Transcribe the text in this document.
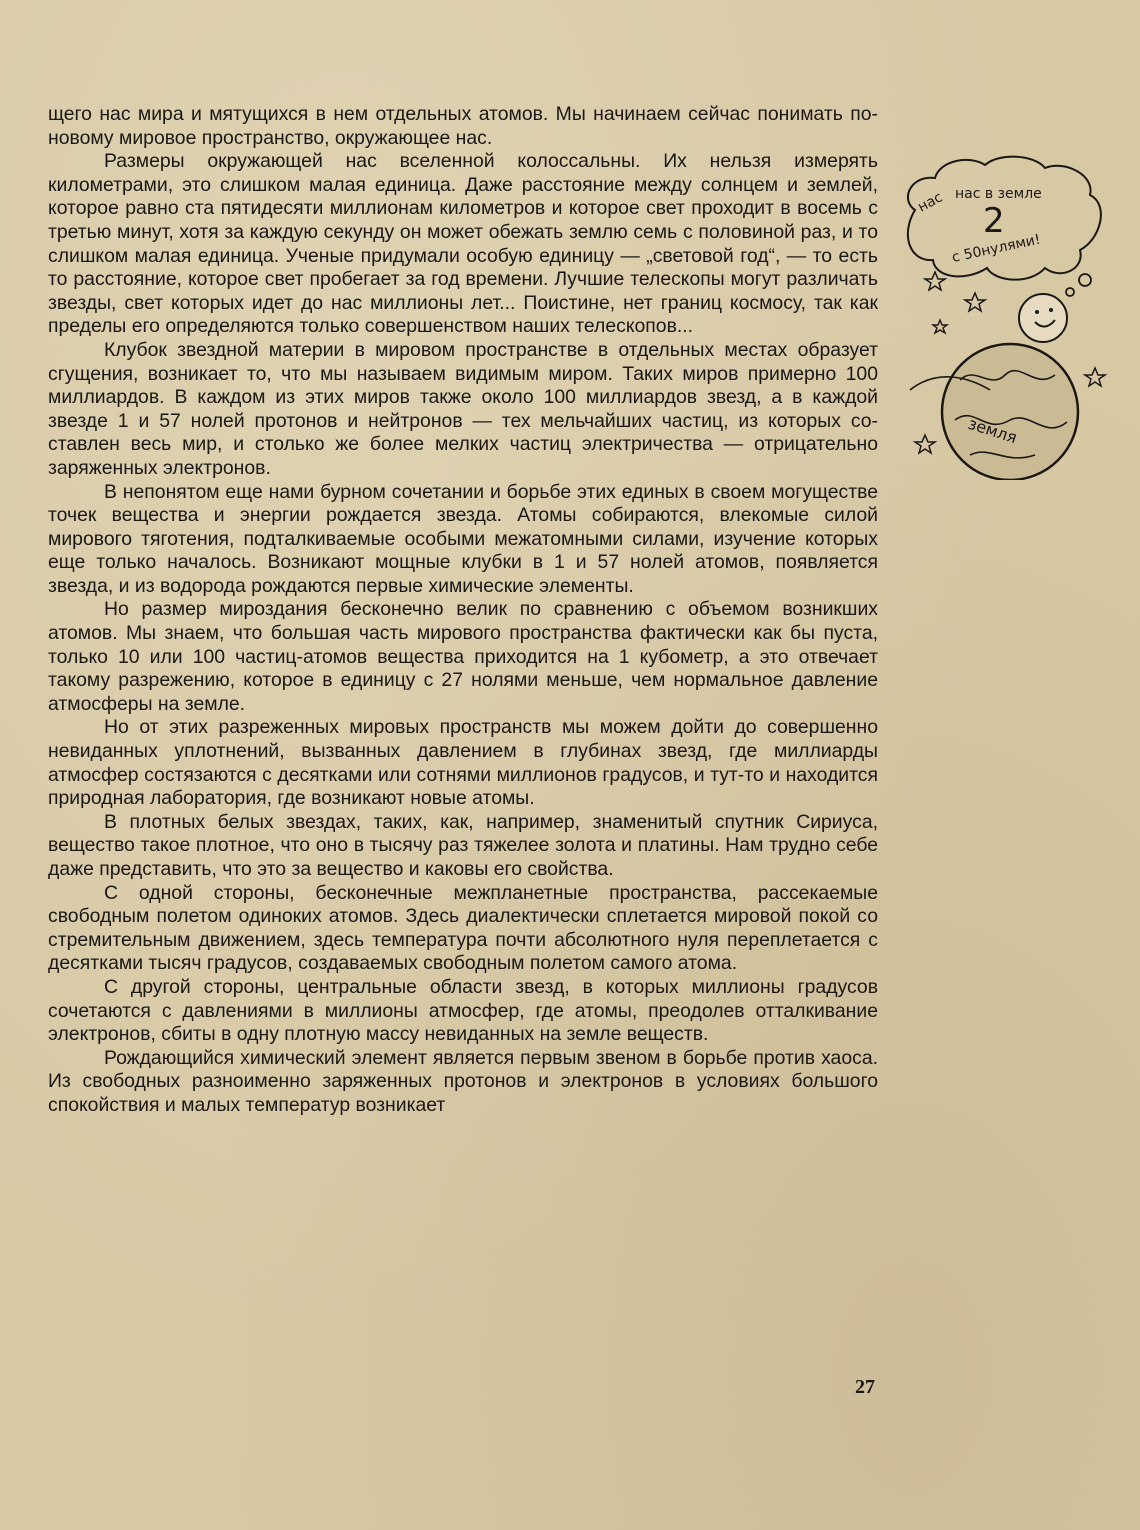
щего нас мира и мятущихся в нем отдельных атомов. Мы начинаем сейчас понимать по-новому мировое пространство, окружающее нас.

Размеры окружающей нас вселенной колоссальны. Их нельзя измерять километрами, это слишком малая единица. Даже расстояние между солнцем и землей, которое равно ста пятидесяти миллионам километров и которое свет проходит в восемь с третью минут, хотя за каждую секунду он может обежать землю семь с половиной раз, и то слишком малая единица. Ученые придумали особую единицу — „световой год“, — то есть то расстояние, которое свет пробегает за год времени. Лучшие телескопы могут различать звезды, свет которых идет до нас миллионы лет... Поистине, нет границ космосу, так как пределы его определяются только совершенством наших телескопов...

Клубок звездной материи в мировом пространстве в отдельных местах образует сгущения, возникает то, что мы называем видимым миром. Таких миров примерно 100 миллиардов. В каждом из этих миров также около 100 миллиардов звезд, а в каждой звезде 1 и 57 нолей протонов и нейтронов — тех мельчайших частиц, из которых составлен весь мир, и столько же более мелких частиц электричества — отрицательно заряженных электронов.

В непонятом еще нами бурном сочетании и борьбе этих единых в своем могуществе точек вещества и энергии рождается звезда. Атомы собираются, влекомые силой мирового тяготения, подталкиваемые особыми межатомными силами, изучение которых еще только началось. Возникают мощные клубки в 1 и 57 нолей атомов, появляется звезда, и из водорода рождаются первые химические элементы.

Но размер мироздания бесконечно велик по сравнению с объемом возникших атомов. Мы знаем, что большая часть мирового пространства фактически как бы пуста, только 10 или 100 частиц-атомов вещества приходится на 1 кубометр, а это отвечает такому разрежению, которое в единицу с 27 нолями меньше, чем нормальное давление атмосферы на земле.

Но от этих разреженных мировых пространств мы можем дойти до совершенно невиданных уплотнений, вызванных давлением в глубинах звезд, где миллиарды атмосфер состязаются с десятками или сотнями миллионов градусов, и тут-то и находится природная лаборатория, где возникают новые атомы.

В плотных белых звездах, таких, как, например, знаменитый спутник Сириуса, вещество такое плотное, что оно в тысячу раз тяжелее золота и платины. Нам трудно себе даже представить, что это за вещество и каковы его свойства.

С одной стороны, бесконечные межпланетные пространства, рассекаемые свободным полетом одиноких атомов. Здесь диалектически сплетается мировой покой со стремительным движением, здесь температура почти абсолютного нуля переплетается с десятками тысяч градусов, создаваемых свободным полетом самого атома.

С другой стороны, центральные области звезд, в которых миллионы градусов сочетаются с давлениями в миллионы атмосфер, где атомы, преодолев отталкивание электронов, сбиты в одну плотную массу невиданных на земле веществ.

Рождающийся химический элемент является первым звеном в борьбе против хаоса. Из свободных разноименно заряженных протонов и электронов в условиях большого спокойствия и малых температур возникает

нас нас в земле
2
с 50нулями!
земля
27
